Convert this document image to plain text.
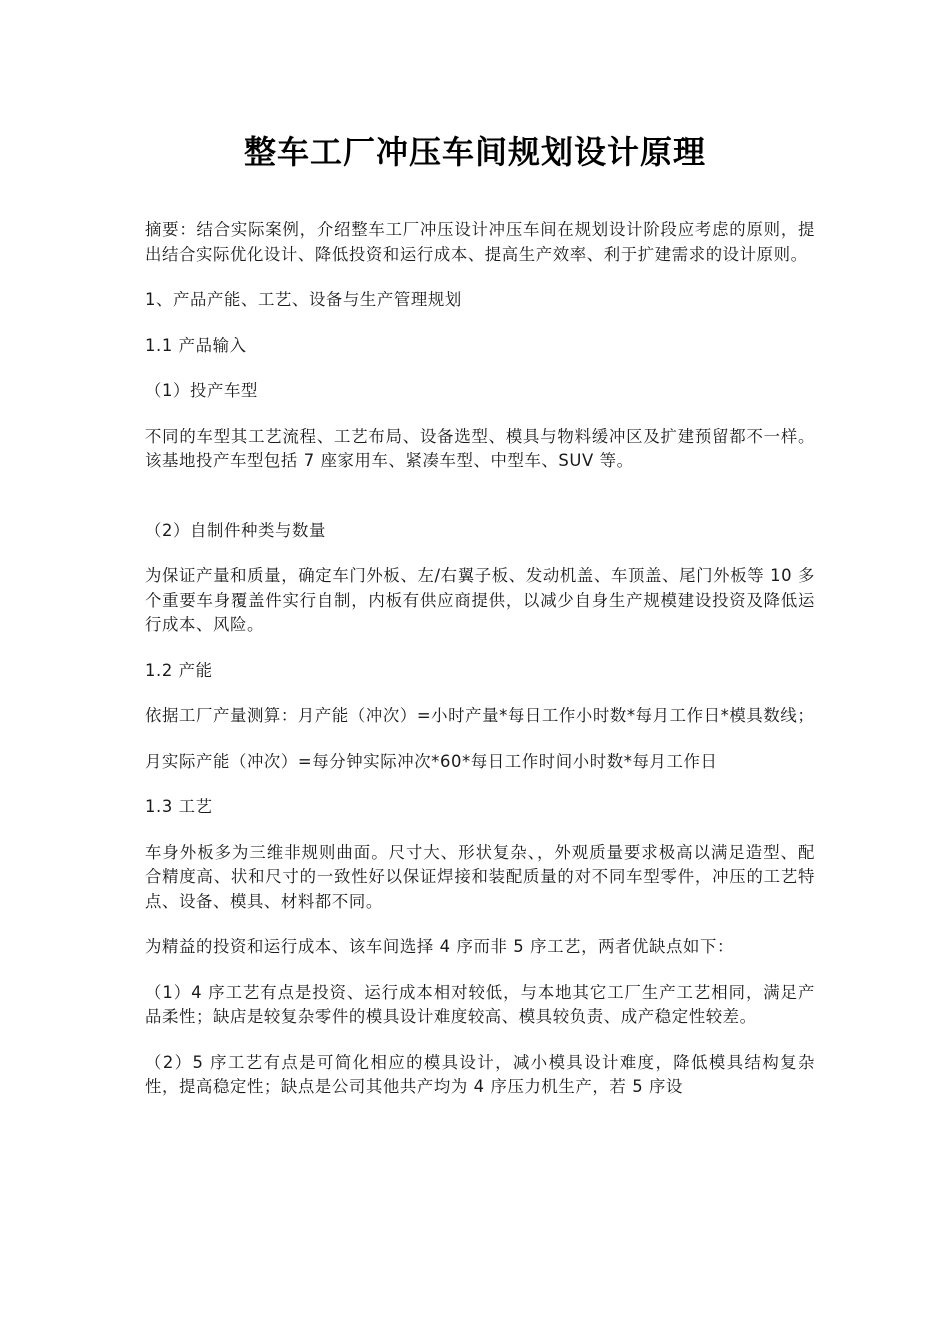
整车工厂冲压车间规划设计原理

摘要：结合实际案例，介绍整车工厂冲压设计冲压车间在规划设计阶段应考虑的原则，提出结合实际优化设计、降低投资和运行成本、提高生产效率、利于扩建需求的设计原则。

1、产品产能、工艺、设备与生产管理规划

1.1 产品输入

（1）投产车型

不同的车型其工艺流程、工艺布局、设备选型、模具与物料缓冲区及扩建预留都不一样。该基地投产车型包括 7 座家用车、紧凑车型、中型车、SUV 等。

（2）自制件种类与数量

为保证产量和质量，确定车门外板、左/右翼子板、发动机盖、车顶盖、尾门外板等 10 多个重要车身覆盖件实行自制，内板有供应商提供，以减少自身生产规模建设投资及降低运行成本、风险。

1.2 产能

依据工厂产量测算：月产能（冲次）=小时产量*每日工作小时数*每月工作日*模具数线；

月实际产能（冲次）=每分钟实际冲次*60*每日工作时间小时数*每月工作日

1.3 工艺

车身外板多为三维非规则曲面。尺寸大、形状复杂、，外观质量要求极高以满足造型、配合精度高、状和尺寸的一致性好以保证焊接和装配质量的对不同车型零件，冲压的工艺特点、设备、模具、材料都不同。

为精益的投资和运行成本、该车间选择 4 序而非 5 序工艺，两者优缺点如下：

（1）4 序工艺有点是投资、运行成本相对较低，与本地其它工厂生产工艺相同，满足产品柔性；缺店是较复杂零件的模具设计难度较高、模具较负责、成产稳定性较差。

（2）5 序工艺有点是可简化相应的模具设计，减小模具设计难度，降低模具结构复杂性，提高稳定性；缺点是公司其他共产均为 4 序压力机生产，若 5 序设
